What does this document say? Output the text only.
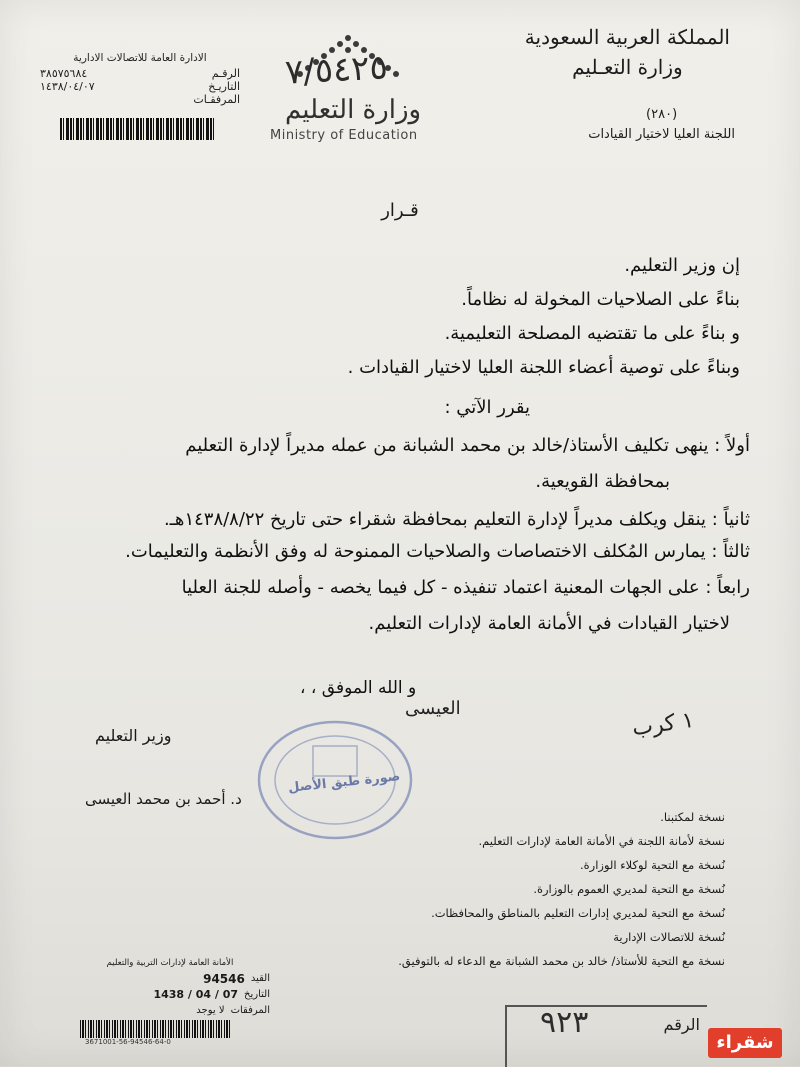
المملكة العربية السعودية
وزارة التعـليم
(٢٨٠)
اللجنة العليا لاختيار القيادات
٧/٥٤٢٥
وزارة التعليم
Ministry of Education
الادارة العامة للاتصالات الادارية
الرقـم
٣٨٥٧٥٦٨٤
التاريـخ
١٤٣٨/٠٤/٠٧
المرفقـات
قـرار
إن وزير التعليم.
بناءً على الصلاحيات المخولة له نظاماً.
و بناءً على ما تقتضيه المصلحة التعليمية.
وبناءً على توصية أعضاء اللجنة العليا لاختيار القيادات .
يقرر الآتي :
أولاً : ينهى تكليف الأستاذ/خالد بن محمد الشبانة من عمله مديراً لإدارة التعليم
بمحافظة القويعية.
ثانياً : ينقل ويكلف مديراً لإدارة التعليم بمحافظة شقراء حتى تاريخ ١٤٣٨/٨/٢٢هـ.
ثالثاً : يمارس المُكلف الاختصاصات والصلاحيات الممنوحة له وفق الأنظمة والتعليمات.
رابعاً : على الجهات المعنية اعتماد تنفيذه - كل فيما يخصه - وأصله للجنة العليا
لاختيار القيادات في الأمانة العامة لإدارات التعليم.
و الله الموفق ، ،
العيسى
وزير التعليم
د. أحمد بن محمد العيسى
١ كرب
صورة طبق الأصل
نسخة لمكتبنا.
نسخة لأمانة اللجنة في الأمانة العامة لإدارات التعليم.
نُسخة مع التحية لوكلاء الوزارة.
نُسخة مع التحية لمديري العموم بالوزارة.
نُسخة مع التحية لمديري إدارات التعليم بالمناطق والمحافظات.
نُسخة للاتصالات الإدارية
نسخة مع التحية للأستاذ/ خالد بن محمد الشبانة مع الدعاء له بالتوفيق.
الأمانة العامة لإدارات التربية والتعليم
القيد
94546
التاريخ
1438 / 04 / 07
المرفقات
لا يوجد
3671001-56-94546-64-0
الرقم
٩٢٣
شقراء
